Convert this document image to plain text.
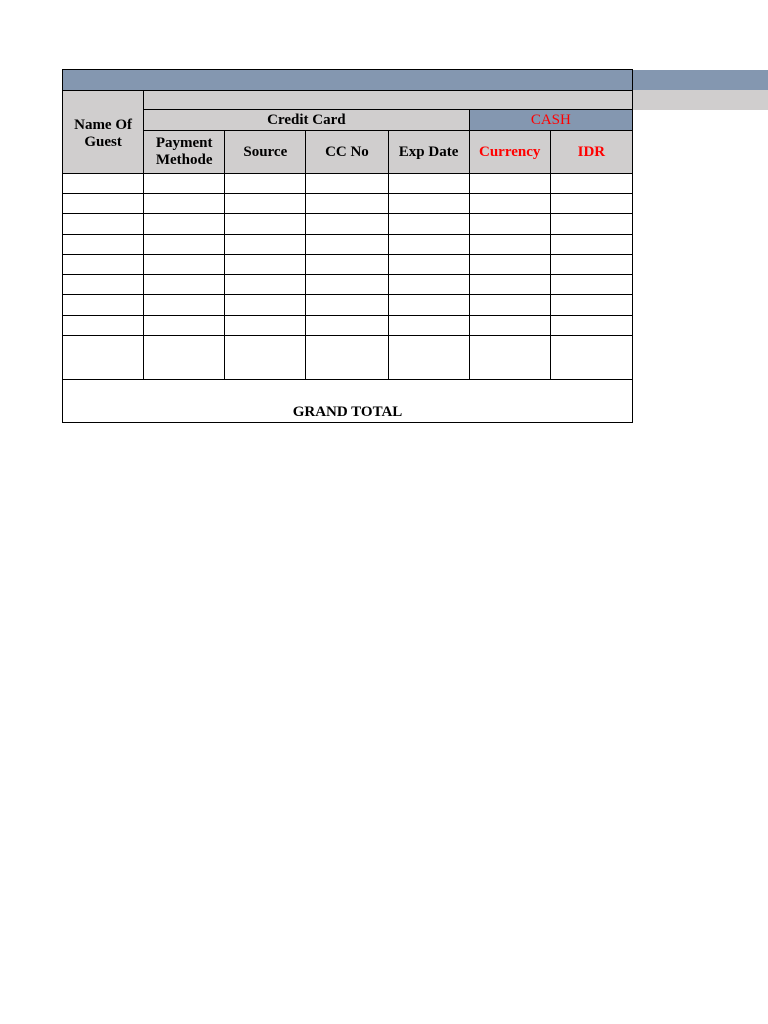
Name Of Guest						
	Credit Card				CASH	
	Payment Methode	Source	CC No	Exp Date	Currency	IDR

GRAND TOTAL						
